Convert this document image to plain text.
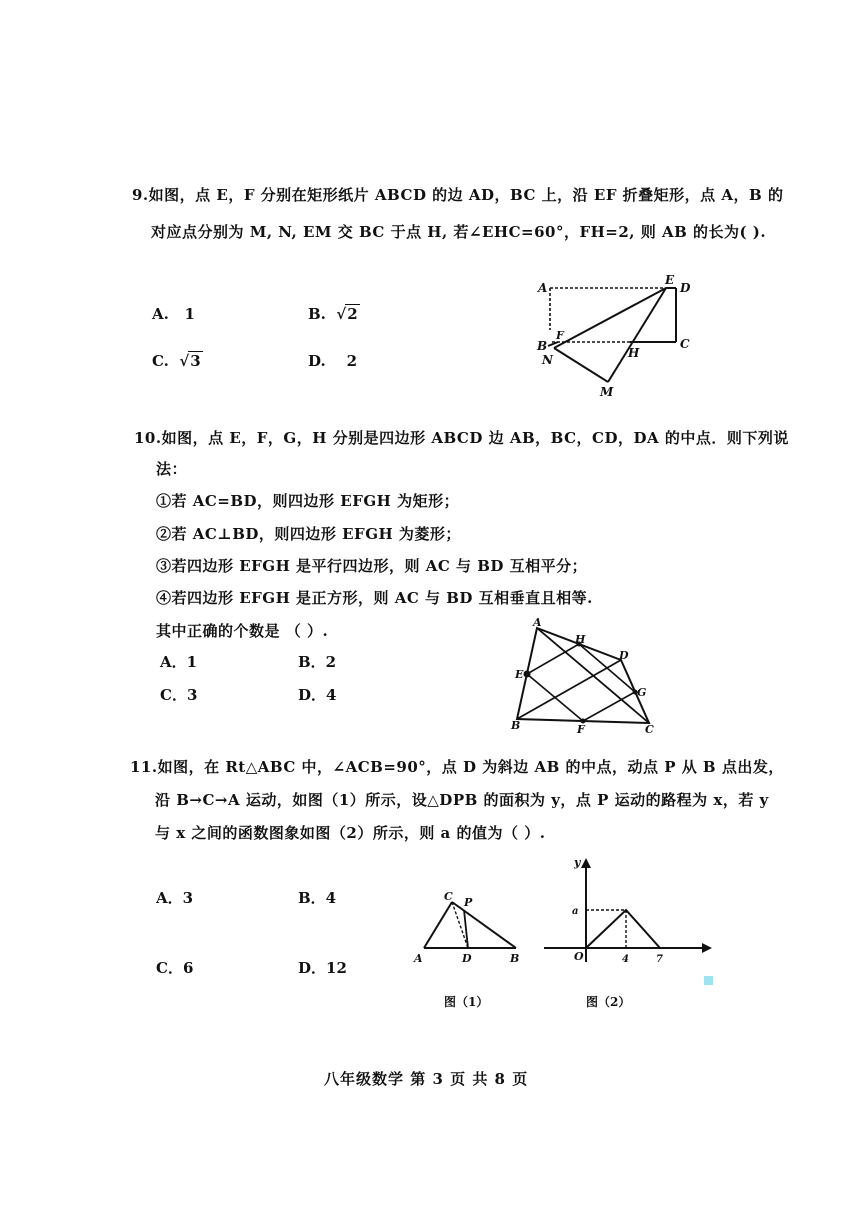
9.如图，点 E，F 分别在矩形纸片 ABCD 的边 AD，BC 上，沿 EF 折叠矩形，点 A，B 的
对应点分别为 M, N, EM 交 BC 于点 H, 若∠EHC=60°，FH=2, 则 AB 的长为( ).
A. 1	B. √2
C. √3	D. 2
A
E
D
B
F
N	H
C
M
10.如图，点 E，F，G，H 分别是四边形 ABCD 边 AB，BC，CD，DA 的中点．则下列说
法：
①若 AC=BD，则四边形 EFGH 为矩形；
②若 AC⊥BD，则四边形 EFGH 为菱形；
③若四边形 EFGH 是平行四边形，则 AC 与 BD 互相平分；
④若四边形 EFGH 是正方形，则 AC 与 BD 互相垂直且相等.
其中正确的个数是 （ ）.
A．1	B．2
C．3	D．4
A
H
D
E
G
B	F	C
11.如图，在 Rt△ABC 中，∠ACB=90°，点 D 为斜边 AB 的中点，动点 P 从 B 点出发，
沿 B→C→A 运动，如图（1）所示，设△DPB 的面积为 y，点 P 运动的路程为 x，若 y
与 x 之间的函数图象如图（2）所示，则 a 的值为（ ）.
A．3	B．4
C．6	D．12
C P
A	D	B
图（1）
y
a
O	4	7
图（2）
八年级数学 第 3 页 共 8 页
